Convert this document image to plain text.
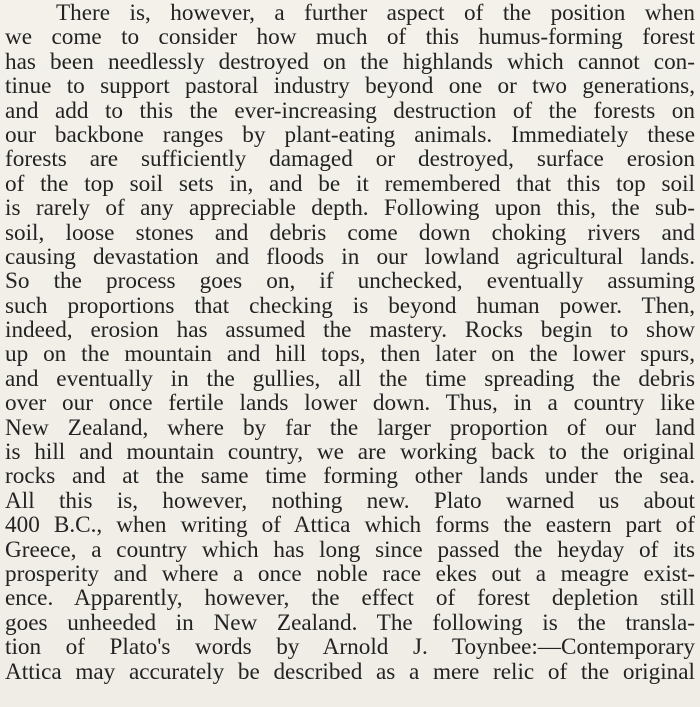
There is, however, a further aspect of the position when
we come to consider how much of this humus-forming forest
has been needlessly destroyed on the highlands which cannot con-
tinue to support pastoral industry beyond one or two generations,
and add to this the ever-increasing destruction of the forests on
our backbone ranges by plant-eating animals. Immediately these
forests are sufficiently damaged or destroyed, surface erosion
of the top soil sets in, and be it remembered that this top soil
is rarely of any appreciable depth. Following upon this, the sub-
soil, loose stones and debris come down choking rivers and
causing devastation and floods in our lowland agricultural lands.
So the process goes on, if unchecked, eventually assuming
such proportions that checking is beyond human power. Then,
indeed, erosion has assumed the mastery. Rocks begin to show
up on the mountain and hill tops, then later on the lower spurs,
and eventually in the gullies, all the time spreading the debris
over our once fertile lands lower down. Thus, in a country like
New Zealand, where by far the larger proportion of our land
is hill and mountain country, we are working back to the original
rocks and at the same time forming other lands under the sea.
All this is, however, nothing new. Plato warned us about
400 B.C., when writing of Attica which forms the eastern part of
Greece, a country which has long since passed the heyday of its
prosperity and where a once noble race ekes out a meagre exist-
ence. Apparently, however, the effect of forest depletion still
goes unheeded in New Zealand. The following is the transla-
tion of Plato's words by Arnold J. Toynbee:—Contemporary
Attica may accurately be described as a mere relic of the original
